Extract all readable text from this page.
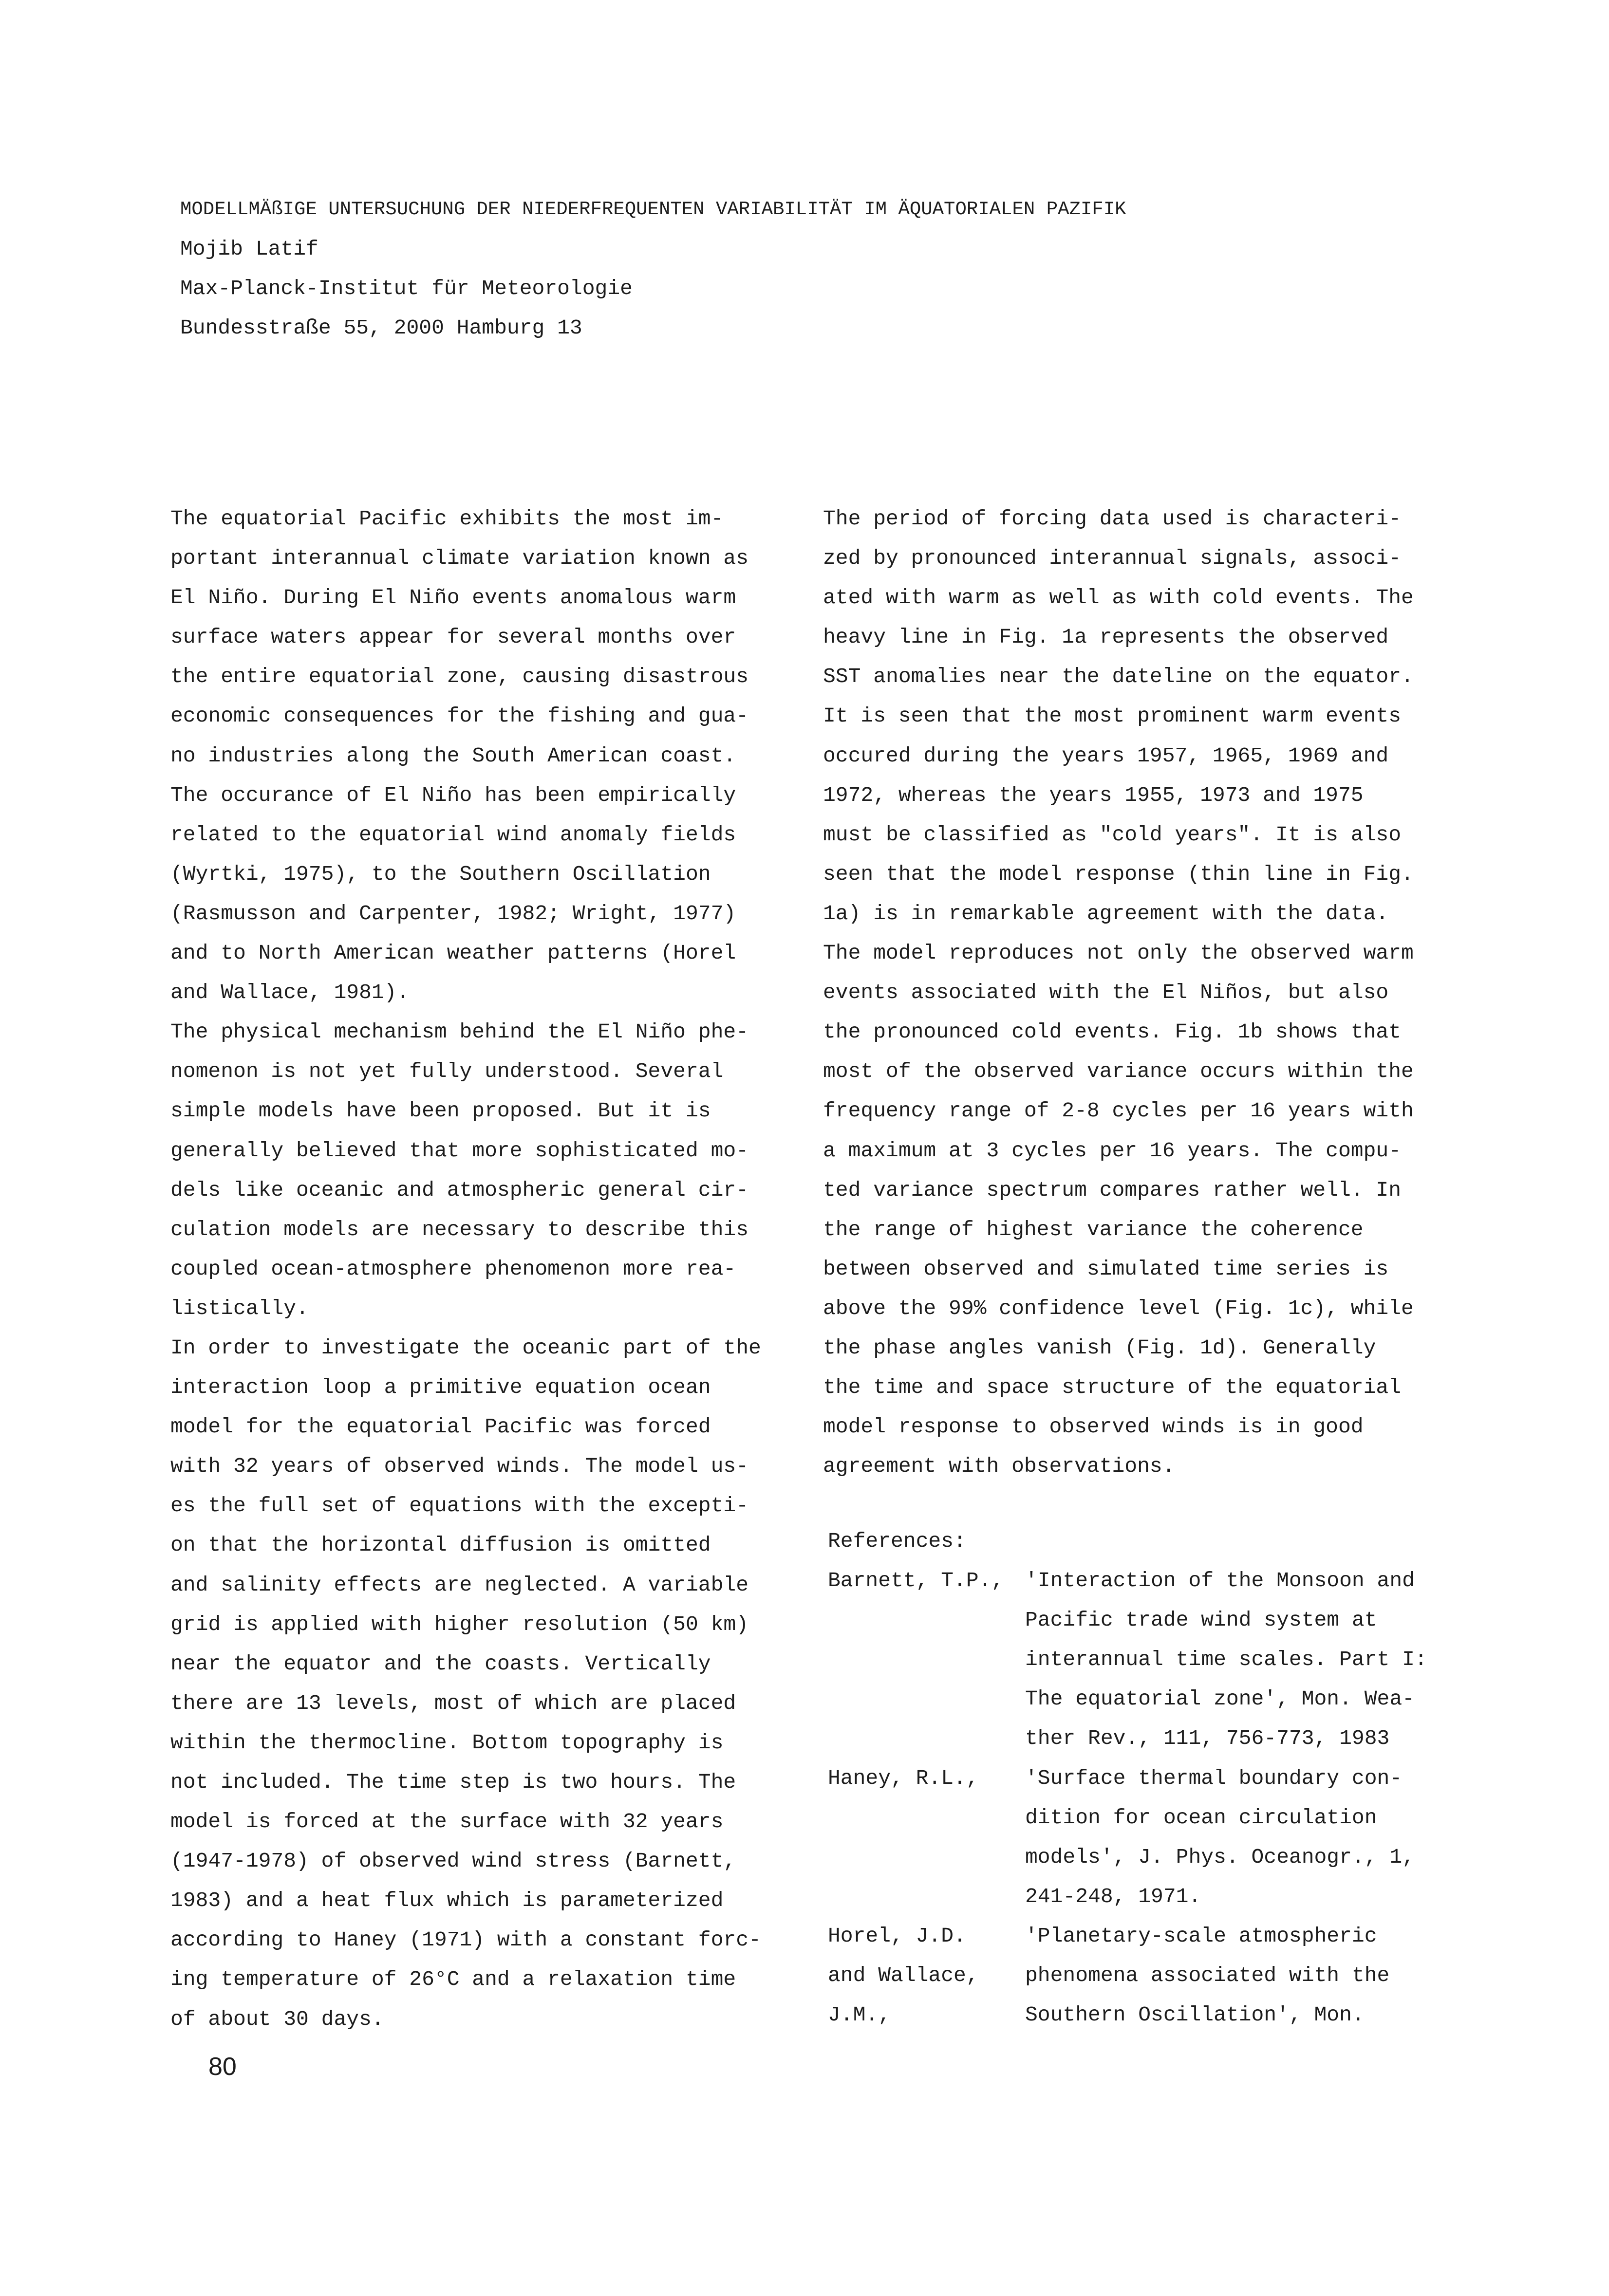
MODELLMÄßIGE UNTERSUCHUNG DER NIEDERFREQUENTEN VARIABILITÄT IM ÄQUATORIALEN PAZIFIK
Mojib Latif
Max-Planck-Institut für Meteorologie
Bundesstraße 55, 2000 Hamburg 13
The equatorial Pacific exhibits the most im-
portant interannual climate variation known as
El Niño. During El Niño events anomalous warm
surface waters appear for several months over
the entire equatorial zone, causing disastrous
economic consequences for the fishing and gua-
no industries along the South American coast.
The occurance of El Niño has been empirically
related to the equatorial wind anomaly fields
(Wyrtki, 1975), to the Southern Oscillation
(Rasmusson and Carpenter, 1982; Wright, 1977)
and to North American weather patterns (Horel
and Wallace, 1981).
The physical mechanism behind the El Niño phe-
nomenon is not yet fully understood. Several
simple models have been proposed. But it is
generally believed that more sophisticated mo-
dels like oceanic and atmospheric general cir-
culation models are necessary to describe this
coupled ocean-atmosphere phenomenon more rea-
listically.
In order to investigate the oceanic part of the
interaction loop a primitive equation ocean
model for the equatorial Pacific was forced
with 32 years of observed winds. The model us-
es the full set of equations with the excepti-
on that the horizontal diffusion is omitted
and salinity effects are neglected. A variable
grid is applied with higher resolution (50 km)
near the equator and the coasts. Vertically
there are 13 levels, most of which are placed
within the thermocline. Bottom topography is
not included. The time step is two hours. The
model is forced at the surface with 32 years
(1947-1978) of observed wind stress (Barnett,
1983) and a heat flux which is parameterized
according to Haney (1971) with a constant forc-
ing temperature of 26°C and a relaxation time
of about 30 days.
The period of forcing data used is characteri-
zed by pronounced interannual signals, associ-
ated with warm as well as with cold events. The
heavy line in Fig. 1a represents the observed
SST anomalies near the dateline on the equator.
It is seen that the most prominent warm events
occured during the years 1957, 1965, 1969 and
1972, whereas the years 1955, 1973 and 1975
must be classified as "cold years". It is also
seen that the model response (thin line in Fig.
1a) is in remarkable agreement with the data.
The model reproduces not only the observed warm
events associated with the El Niños, but also
the pronounced cold events. Fig. 1b shows that
most of the observed variance occurs within the
frequency range of 2-8 cycles per 16 years with
a maximum at 3 cycles per 16 years. The compu-
ted variance spectrum compares rather well. In
the range of highest variance the coherence
between observed and simulated time series is
above the 99% confidence level (Fig. 1c), while
the phase angles vanish (Fig. 1d). Generally
the time and space structure of the equatorial
model response to observed winds is in good
agreement with observations.
References:
Barnett, T.P.,	'Interaction of the Monsoon and
Pacific trade wind system at
interannual time scales. Part I:
The equatorial zone', Mon. Wea-
ther Rev., 111, 756-773, 1983
Haney, R.L.,	'Surface thermal boundary con-
dition for ocean circulation
models', J. Phys. Oceanogr., 1,
241-248, 1971.
Horel, J.D.
and Wallace,
J.M.,
'Planetary-scale atmospheric
phenomena associated with the
Southern Oscillation', Mon.
80
